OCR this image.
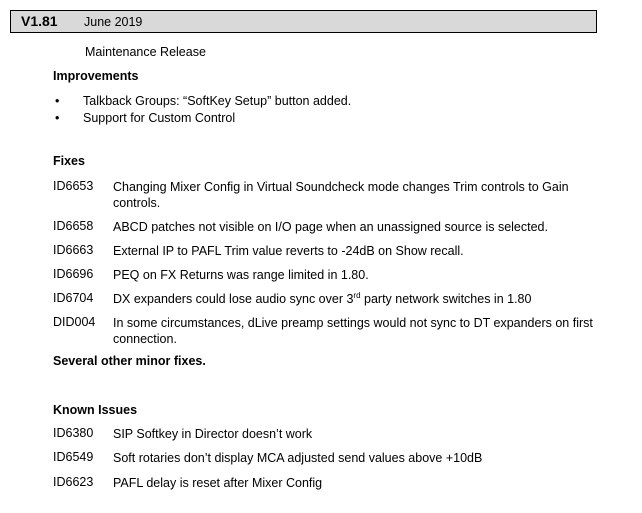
V1.81 June 2019
Maintenance Release
Improvements
• Talkback Groups: “SoftKey Setup” button added.
• Support for Custom Control
Fixes
ID6653 Changing Mixer Config in Virtual Soundcheck mode changes Trim controls to Gain controls.
ID6658 ABCD patches not visible on I/O page when an unassigned source is selected.
ID6663 External IP to PAFL Trim value reverts to -24dB on Show recall.
ID6696 PEQ on FX Returns was range limited in 1.80.
ID6704 DX expanders could lose audio sync over 3rd party network switches in 1.80
DID004 In some circumstances, dLive preamp settings would not sync to DT expanders on first connection.
Several other minor fixes.
Known Issues
ID6380 SIP Softkey in Director doesn’t work
ID6549 Soft rotaries don’t display MCA adjusted send values above +10dB
ID6623 PAFL delay is reset after Mixer Config
